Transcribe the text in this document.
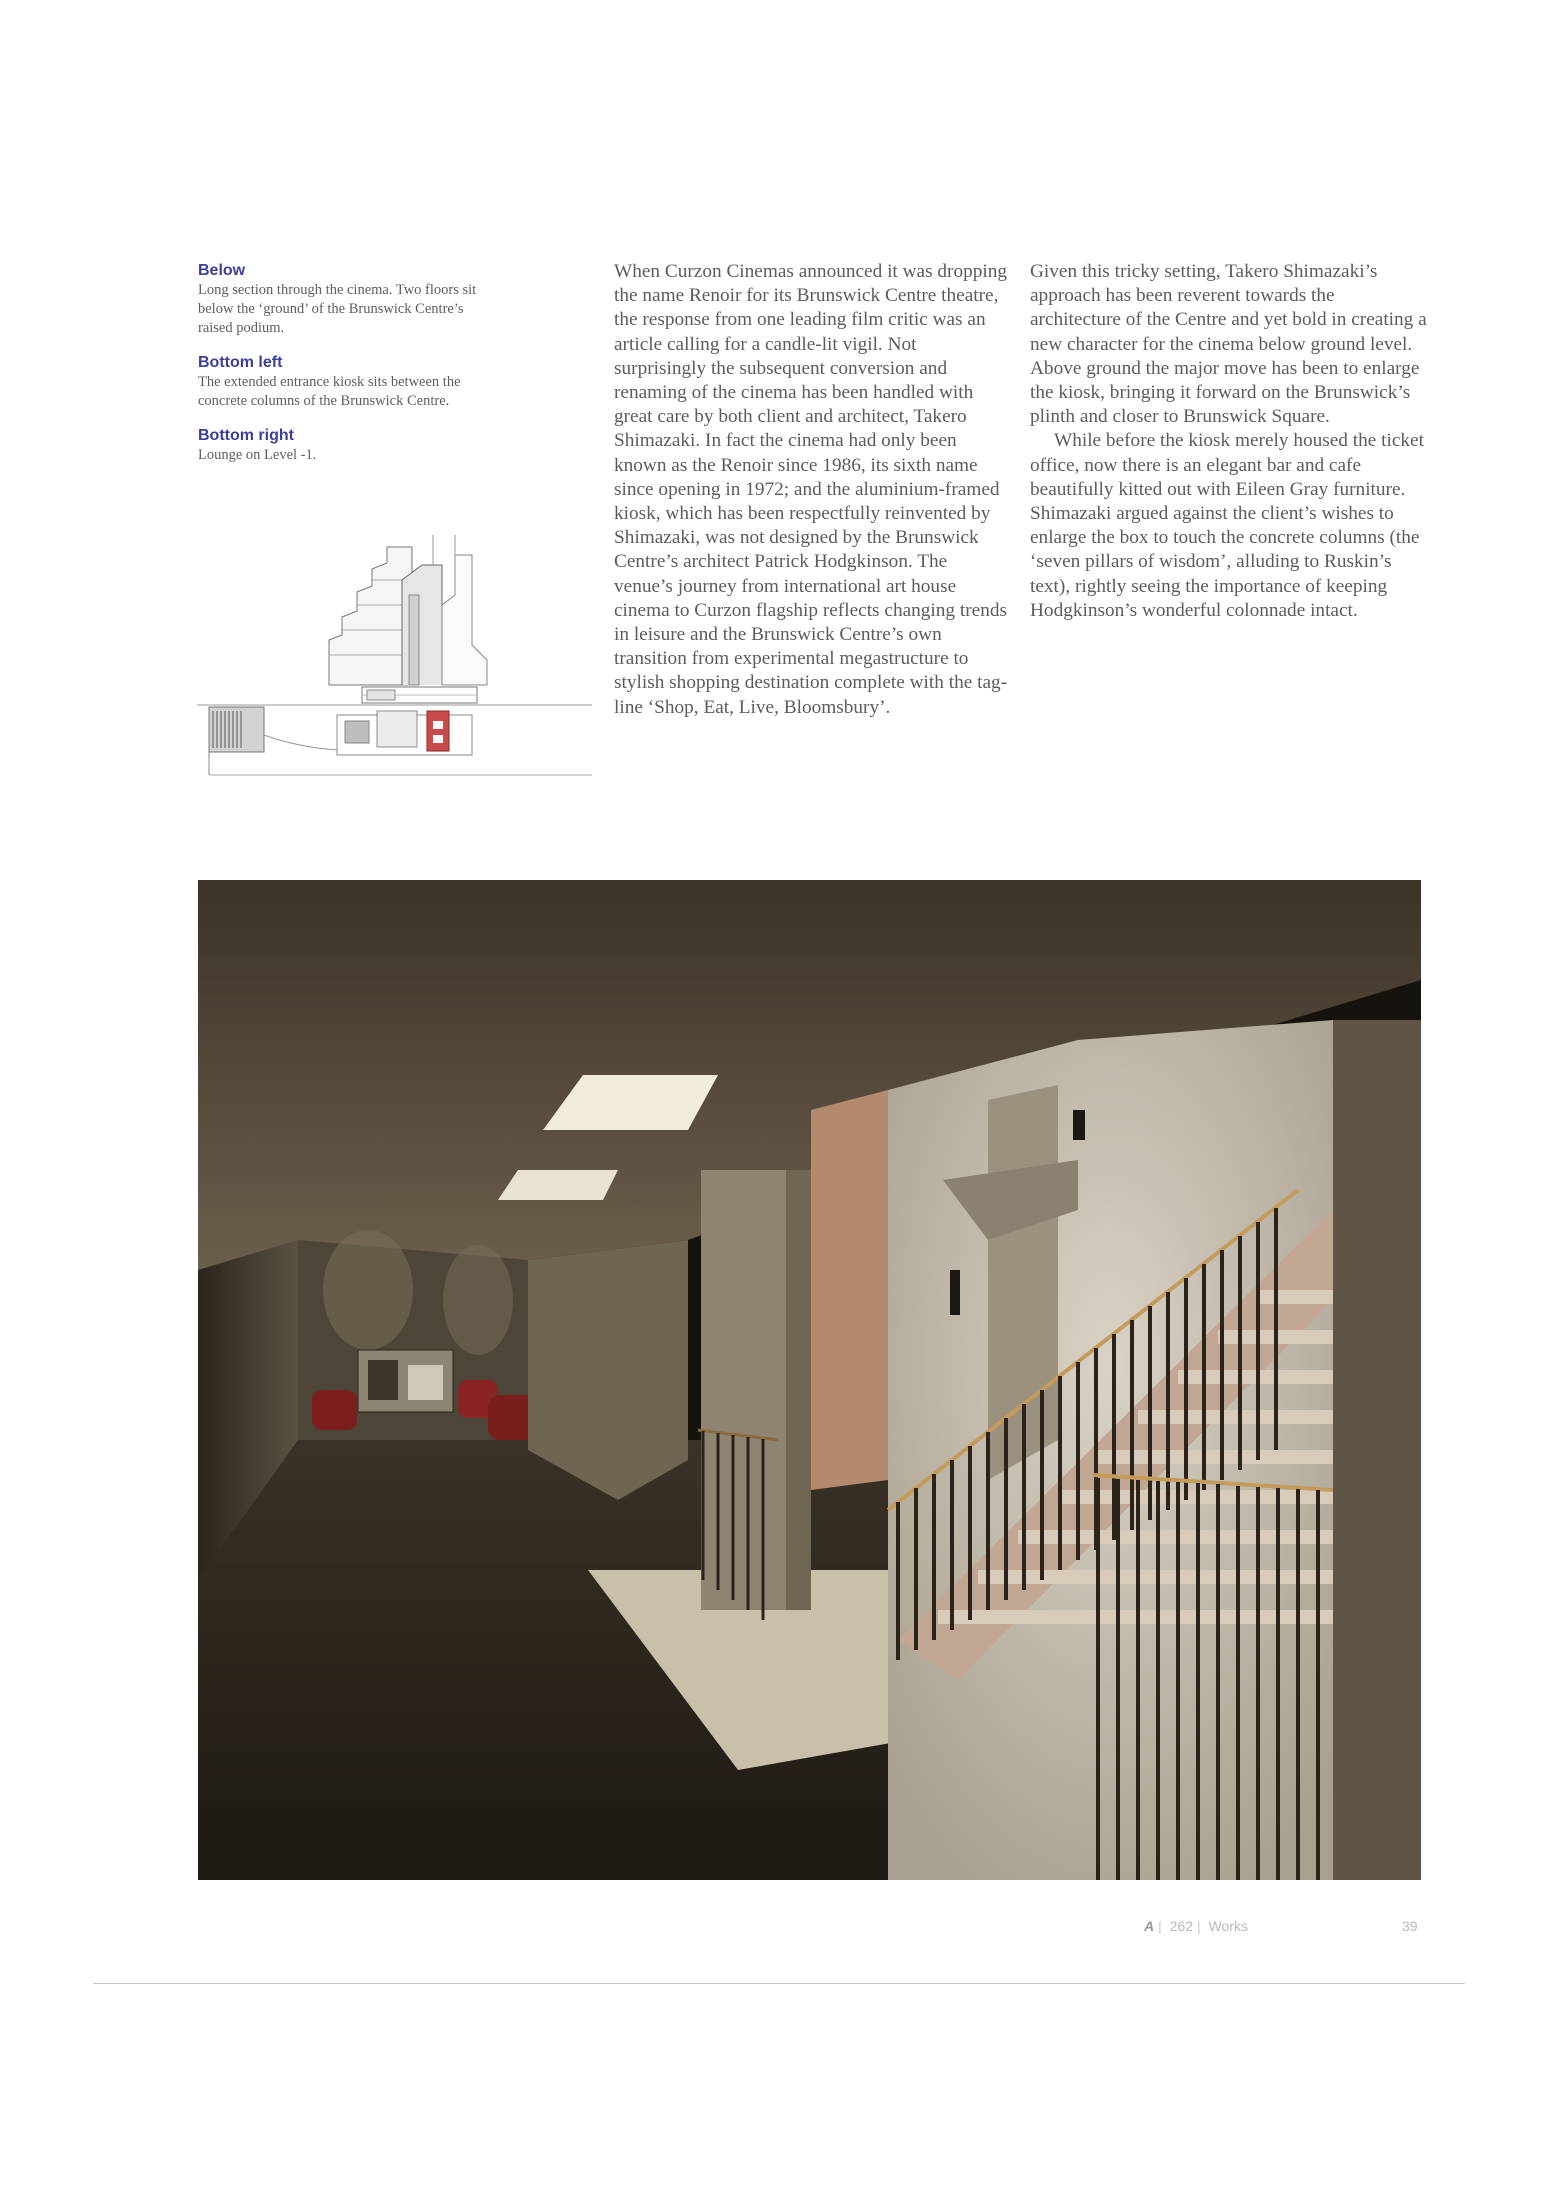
Below

Long section through the cinema. Two floors sit below the ‘ground’ of the Brunswick Centre’s raised podium.

Bottom left

The extended entrance kiosk sits between the concrete columns of the Brunswick Centre.

Bottom right

Lounge on Level -1.

When Curzon Cinemas announced it was dropping the name Renoir for its Brunswick Centre theatre, the response from one leading film critic was an article calling for a candle-lit vigil. Not surprisingly the subsequent conversion and renaming of the cinema has been handled with great care by both client and architect, Takero Shimazaki. In fact the cinema had only been known as the Renoir since 1986, its sixth name since opening in 1972; and the aluminium-framed kiosk, which has been respectfully reinvented by Shimazaki, was not designed by the Brunswick Centre’s architect Patrick Hodgkinson. The venue’s journey from international art house cinema to Curzon flagship reflects changing trends in leisure and the Brunswick Centre’s own transition from experimental megastructure to stylish shopping destination complete with the tag-line ‘Shop, Eat, Live, Bloomsbury’.

Given this tricky setting, Takero Shimazaki’s approach has been reverent towards the architecture of the Centre and yet bold in creating a new character for the cinema below ground level. Above ground the major move has been to enlarge the kiosk, bringing it forward on the Brunswick’s plinth and closer to Brunswick Square.

While before the kiosk merely housed the ticket office, now there is an elegant bar and cafe beautifully kitted out with Eileen Gray furniture. Shimazaki argued against the client’s wishes to enlarge the box to touch the concrete columns (the ‘seven pillars of wisdom’, alluding to Ruskin’s text), rightly seeing the importance of keeping Hodgkinson’s wonderful colonnade intact.

A | 262 | Works	39
